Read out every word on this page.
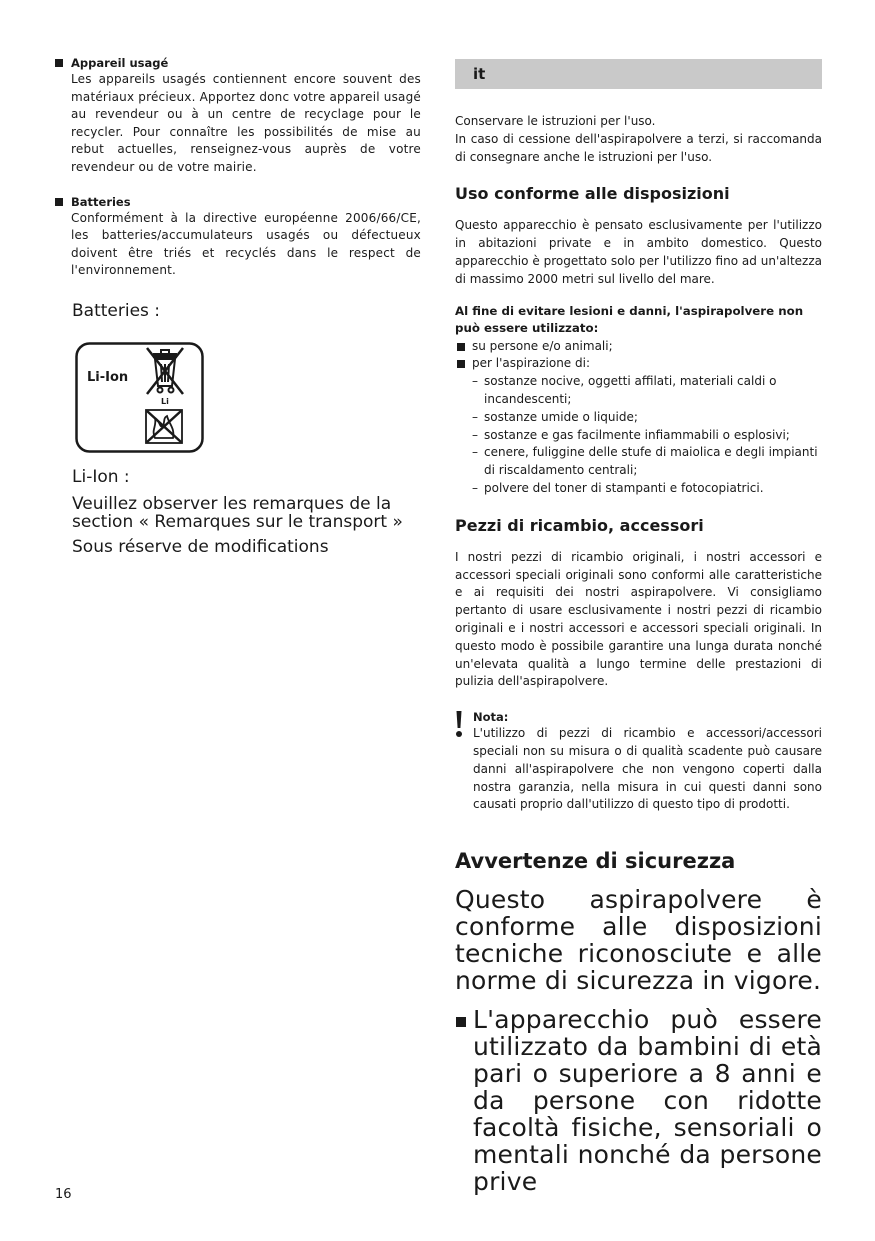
Appareil usagé
Les appareils usagés contiennent encore souvent des matériaux précieux. Apportez donc votre appareil usagé au revendeur ou à un centre de recyclage pour le recycler. Pour connaître les possibilités de mise au rebut actuelles, renseignez-vous auprès de votre revendeur ou de votre mairie.
Batteries
Conformément à la directive européenne 2006/66/CE, les batteries/accumulateurs usagés ou défectueux doivent être triés et recyclés dans le respect de l'environnement.
Batteries :
Li-Ion
Li
Li-Ion :
Veuillez observer les remarques de la section « Remarques sur le transport »
Sous réserve de modifications
it

Conservare le istruzioni per l'uso.

In caso di cessione dell'aspirapolvere a terzi, si raccomanda di consegnare anche le istruzioni per l'uso.

Uso conforme alle disposizioni

Questo apparecchio è pensato esclusivamente per l'utilizzo in abitazioni private e in ambito domestico. Questo apparecchio è progettato solo per l'utilizzo fino ad un'altezza di massimo 2000 metri sul livello del mare.

Al fine di evitare lesioni e danni, l'aspirapolvere non può essere utilizzato:

su persone e/o animali;
per l'aspirazione di:
– sostanze nocive, oggetti affilati, materiali caldi o incandescenti;
– sostanze umide o liquide;
– sostanze e gas facilmente infiammabili o esplosivi;
– cenere, fuliggine delle stufe di maiolica e degli impianti di riscaldamento centrali;
– polvere del toner di stampanti e fotocopiatrici.
Pezzi di ricambio, accessori

I nostri pezzi di ricambio originali, i nostri accessori e accessori speciali originali sono conformi alle caratteristiche e ai requisiti dei nostri aspirapolvere. Vi consigliamo pertanto di usare esclusivamente i nostri pezzi di ricambio originali e i nostri accessori e accessori speciali originali. In questo modo è possibile garantire una lunga durata nonché un'elevata qualità a lungo termine delle prestazioni di pulizia dell'aspirapolvere.

Nota:
L'utilizzo di pezzi di ricambio e accessori/accessori speciali non su misura o di qualità scadente può causare danni all'aspirapolvere che non vengono coperti dalla nostra garanzia, nella misura in cui questi danni sono causati proprio dall'utilizzo di questo tipo di prodotti.
Avvertenze di sicurezza

Questo aspirapolvere è conforme alle disposizioni tecniche riconosciute e alle norme di sicurezza in vigore.

L'apparecchio può essere utilizzato da bambini di età pari o superiore a 8 anni e da persone con ridotte facoltà fisiche, sensoriali o mentali nonché da persone prive
16
